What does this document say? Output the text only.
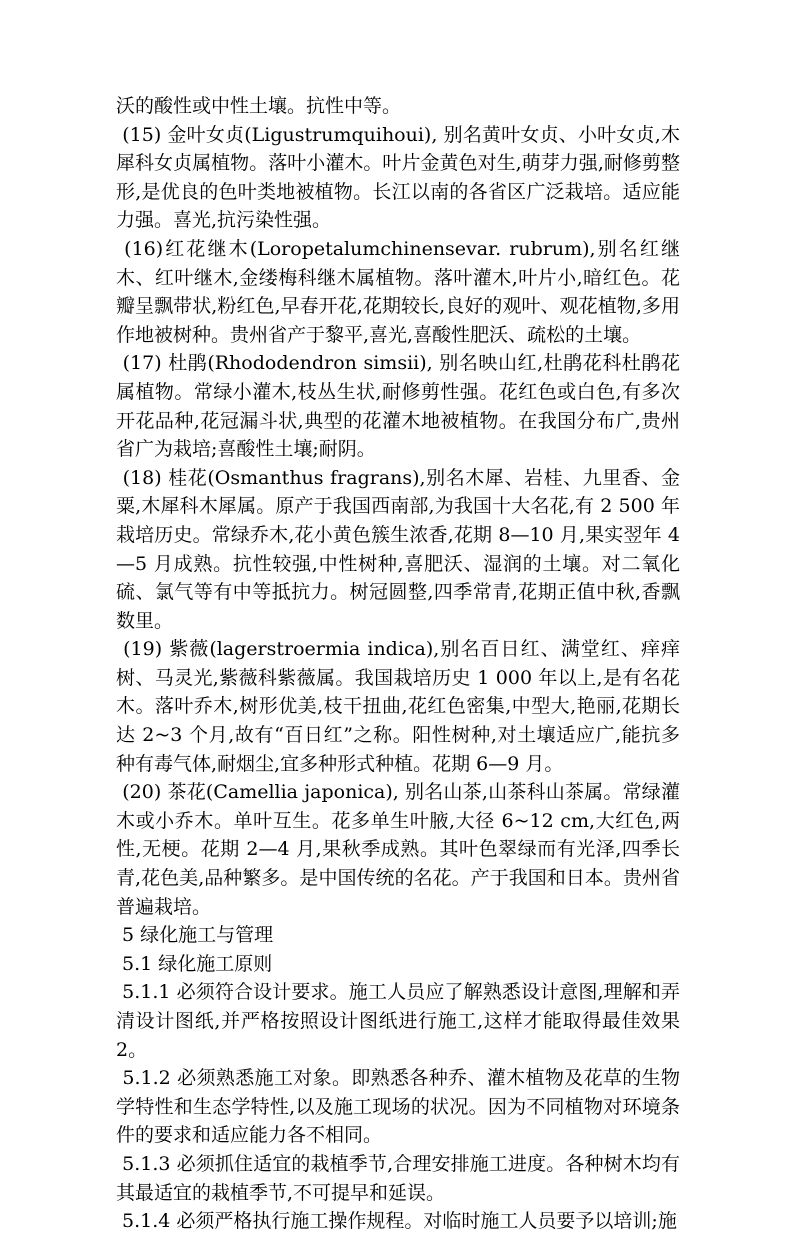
沃的酸性或中性土壤。抗性中等。

(15) 金叶女贞(Ligustrumquihoui), 别名黄叶女贞、小叶女贞,木犀科女贞属植物。落叶小灌木。叶片金黄色对生,萌芽力强,耐修剪整形,是优良的色叶类地被植物。长江以南的各省区广泛栽培。适应能力强。喜光,抗污染性强。

(16)红花继木(Loropetalumchinensevar. rubrum),别名红继木、红叶继木,金缕梅科继木属植物。落叶灌木,叶片小,暗红色。花瓣呈飘带状,粉红色,早春开花,花期较长,良好的观叶、观花植物,多用作地被树种。贵州省产于黎平,喜光,喜酸性肥沃、疏松的土壤。

(17) 杜鹃(Rhododendron simsii), 别名映山红,杜鹃花科杜鹃花属植物。常绿小灌木,枝丛生状,耐修剪性强。花红色或白色,有多次开花品种,花冠漏斗状,典型的花灌木地被植物。在我国分布广,贵州省广为栽培;喜酸性土壤;耐阴。

(18) 桂花(Osmanthus fragrans),别名木犀、岩桂、九里香、金粟,木犀科木犀属。原产于我国西南部,为我国十大名花,有 2 500 年栽培历史。常绿乔木,花小黄色簇生浓香,花期 8—10 月,果实翌年 4—5 月成熟。抗性较强,中性树种,喜肥沃、湿润的土壤。对二氧化硫、氯气等有中等抵抗力。树冠圆整,四季常青,花期正值中秋,香飘数里。

(19) 紫薇(lagerstroermia indica),别名百日红、满堂红、痒痒树、马灵光,紫薇科紫薇属。我国栽培历史 1 000 年以上,是有名花木。落叶乔木,树形优美,枝干扭曲,花红色密集,中型大,艳丽,花期长达 2~3 个月,故有“百日红”之称。阳性树种,对土壤适应广,能抗多种有毒气体,耐烟尘,宜多种形式种植。花期 6—9 月。

(20) 茶花(Camellia japonica), 别名山茶,山茶科山茶属。常绿灌木或小乔木。单叶互生。花多单生叶腋,大径 6~12 cm,大红色,两性,无梗。花期 2—4 月,果秋季成熟。其叶色翠绿而有光泽,四季长青,花色美,品种繁多。是中国传统的名花。产于我国和日本。贵州省普遍栽培。

5 绿化施工与管理

5.1 绿化施工原则

5.1.1 必须符合设计要求。施工人员应了解熟悉设计意图,理解和弄清设计图纸,并严格按照设计图纸进行施工,这样才能取得最佳效果2。

5.1.2 必须熟悉施工对象。即熟悉各种乔、灌木植物及花草的生物学特性和生态学特性,以及施工现场的状况。因为不同植物对环境条件的要求和适应能力各不相同。

5.1.3 必须抓住适宜的栽植季节,合理安排施工进度。各种树木均有其最适宜的栽植季节,不可提早和延误。

5.1.4 必须严格执行施工操作规程。对临时施工人员要予以培训;施
